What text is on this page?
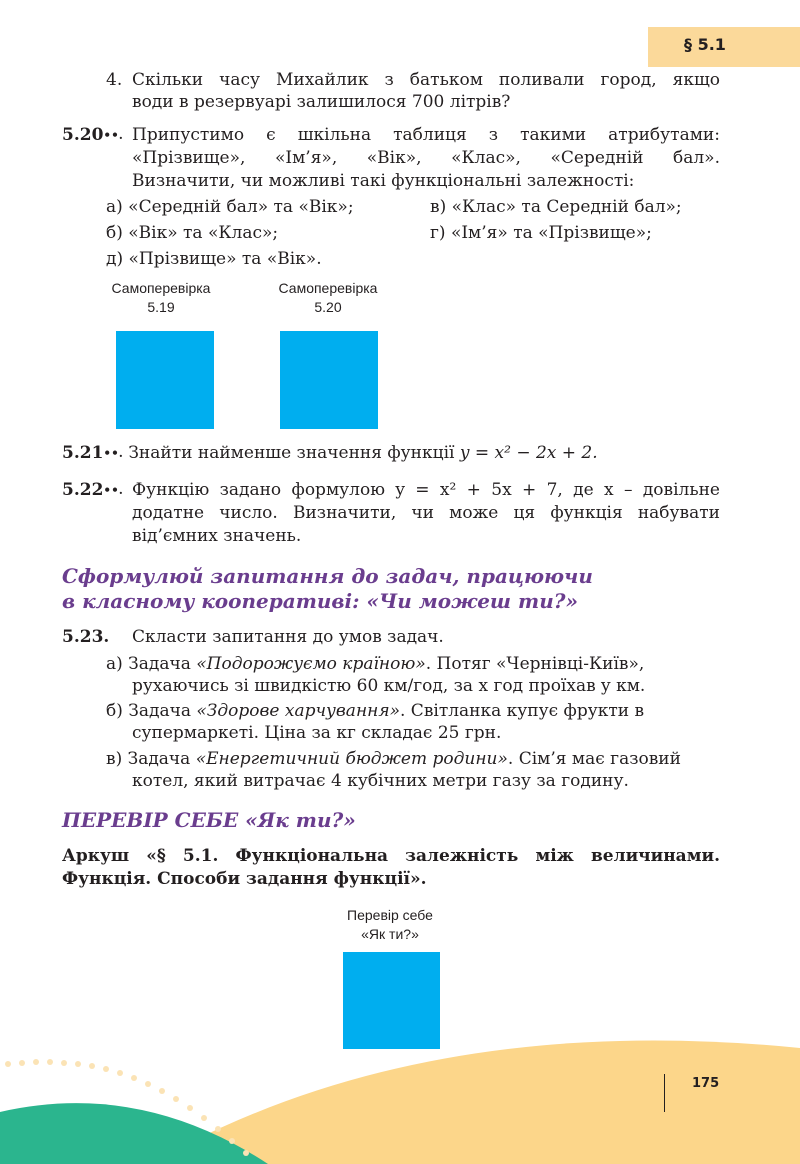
§ 5.1
4. Скільки часу Михайлик з батьком поливали город, якщо
води в резервуарі залишилося 700 літрів?
5.20••. Припустимо є шкільна таблиця з такими атрибутами:
«Прізвище», «Ім’я», «Вік», «Клас», «Середній бал».
Визначити, чи можливі такі функціональні залежності:
а) «Середній бал» та «Вік»;	в) «Клас» та Середній бал»;
б) «Вік» та «Клас»;	г) «Ім’я» та «Прізвище»;
д) «Прізвище» та «Вік».
Самоперевірка
5.19
Самоперевірка
5.20
5.21••. Знайти найменше значення функції y = x² − 2x + 2.
5.22••. Функцію задано формулою y = x² + 5x + 7, де x – довільне
додатне число. Визначити, чи може ця функція набувати
від’ємних значень.
Сформулюй запитання до задач, працюючи
в класному кооперативі: «Чи можеш ти?»
5.23. Скласти запитання до умов задач.
а) Задача «Подорожуємо країною». Потяг «Чернівці-Київ»,
рухаючись зі швидкістю 60 км/год, за x год проїхав y км.
б) Задача «Здорове харчування». Світланка купує фрукти в
супермаркеті. Ціна за кг складає 25 грн.
в) Задача «Енергетичний бюджет родини». Сім’я має газовий
котел, який витрачає 4 кубічних метри газу за годину.
ПЕРЕВІР СЕБЕ «Як ти?»
Аркуш «§ 5.1. Функціональна залежність між величинами.
Функція. Способи задання функції».
Перевір себе
«Як ти?»
175
